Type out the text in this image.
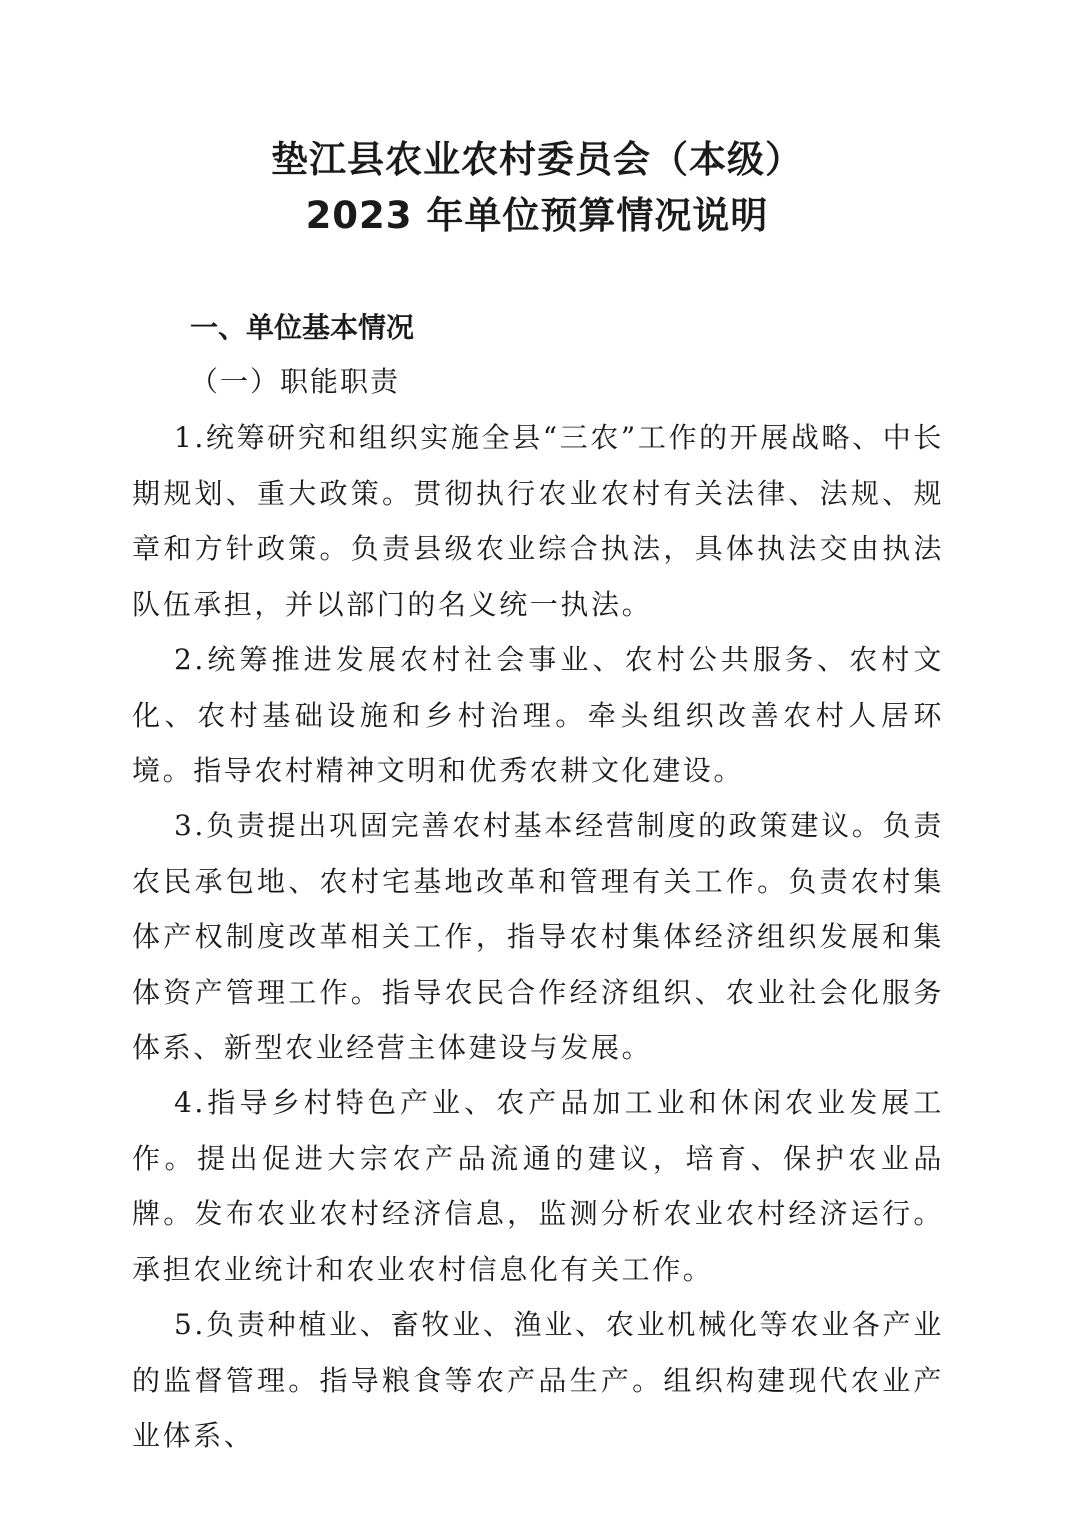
垫江县农业农村委员会（本级）
2023 年单位预算情况说明
一、单位基本情况
（一）职能职责

1.统筹研究和组织实施全县“三农”工作的开展战略、中长期规划、重大政策。贯彻执行农业农村有关法律、法规、规章和方针政策。负责县级农业综合执法，具体执法交由执法队伍承担，并以部门的名义统一执法。

2.统筹推进发展农村社会事业、农村公共服务、农村文化、农村基础设施和乡村治理。牵头组织改善农村人居环境。指导农村精神文明和优秀农耕文化建设。

3.负责提出巩固完善农村基本经营制度的政策建议。负责农民承包地、农村宅基地改革和管理有关工作。负责农村集体产权制度改革相关工作，指导农村集体经济组织发展和集体资产管理工作。指导农民合作经济组织、农业社会化服务体系、新型农业经营主体建设与发展。

4.指导乡村特色产业、农产品加工业和休闲农业发展工作。提出促进大宗农产品流通的建议，培育、保护农业品牌。发布农业农村经济信息，监测分析农业农村经济运行。承担农业统计和农业农村信息化有关工作。

5.负责种植业、畜牧业、渔业、农业机械化等农业各产业的监督管理。指导粮食等农产品生产。组织构建现代农业产业体系、
